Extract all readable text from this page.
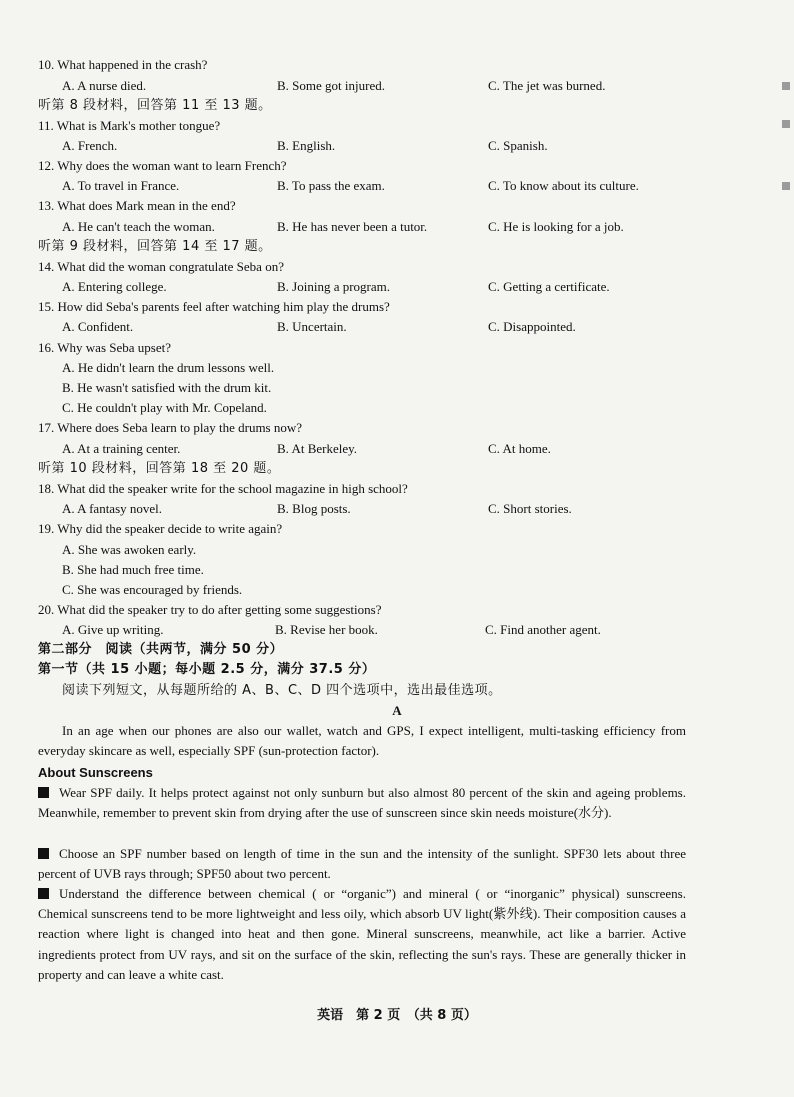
10. What happened in the crash?
A. A nurse died.	B. Some got injured.	C. The jet was burned.
听第 8 段材料，回答第 11 至 13 题。
11. What is Mark's mother tongue?
A. French.	B. English.	C. Spanish.
12. Why does the woman want to learn French?
A. To travel in France.	B. To pass the exam.	C. To know about its culture.
13. What does Mark mean in the end?
A. He can't teach the woman.	B. He has never been a tutor.	C. He is looking for a job.
听第 9 段材料，回答第 14 至 17 题。
14. What did the woman congratulate Seba on?
A. Entering college.	B. Joining a program.	C. Getting a certificate.
15. How did Seba's parents feel after watching him play the drums?
A. Confident.	B. Uncertain.	C. Disappointed.
16. Why was Seba upset?
A. He didn't learn the drum lessons well.
B. He wasn't satisfied with the drum kit.
C. He couldn't play with Mr. Copeland.
17. Where does Seba learn to play the drums now?
A. At a training center.	B. At Berkeley.	C. At home.
听第 10 段材料，回答第 18 至 20 题。
18. What did the speaker write for the school magazine in high school?
A. A fantasy novel.	B. Blog posts.	C. Short stories.
19. Why did the speaker decide to write again?
A. She was awoken early.
B. She had much free time.
C. She was encouraged by friends.
20. What did the speaker try to do after getting some suggestions?
A. Give up writing.	B. Revise her book.	C. Find another agent.
第二部分　阅读（共两节，满分 50 分）
第一节（共 15 小题；每小题 2.5 分，满分 37.5 分）
阅读下列短文，从每题所给的 A、B、C、D 四个选项中，选出最佳选项。
A
In an age when our phones are also our wallet, watch and GPS, I expect intelligent, multi-tasking efficiency from everyday skincare as well, especially SPF (sun-protection factor).
About Sunscreens
Wear SPF daily. It helps protect against not only sunburn but also almost 80 percent of the skin and ageing problems. Meanwhile, remember to prevent skin from drying after the use of sunscreen since skin needs moisture(水分).
Choose an SPF number based on length of time in the sun and the intensity of the sunlight. SPF30 lets about three percent of UVB rays through; SPF50 about two percent.
Understand the difference between chemical ( or “organic”) and mineral ( or “inorganic” physical) sunscreens. Chemical sunscreens tend to be more lightweight and less oily, which absorb UV light(紫外线). Their composition causes a reaction where light is changed into heat and then gone. Mineral sunscreens, meanwhile, act like a barrier. Active ingredients protect from UV rays, and sit on the surface of the skin, reflecting the sun's rays. These are generally thicker in property and can leave a white cast.
英语　第 2 页　（共 8 页）
